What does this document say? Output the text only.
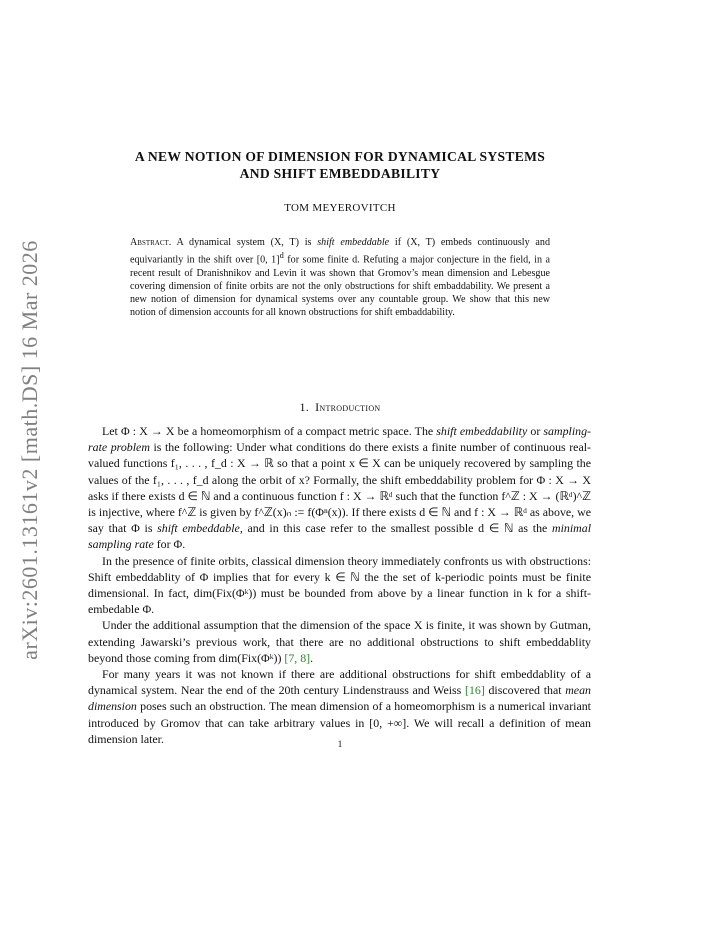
arXiv:2601.13161v2 [math.DS] 16 Mar 2026
A NEW NOTION OF DIMENSION FOR DYNAMICAL SYSTEMS
AND SHIFT EMBEDDABILITY
TOM MEYEROVITCH
Abstract. A dynamical system (X, T) is shift embeddable if (X, T) embeds continuously and equivariantly in the shift over [0, 1]$^d$ for some finite d. Refuting a major conjecture in the field, in a recent result of Dranishnikov and Levin it was shown that Gromov’s mean dimension and Lebesgue covering dimension of finite orbits are not the only obstructions for shift embaddability. We present a new notion of dimension for dynamical systems over any countable group. We show that this new notion of dimension accounts for all known obstructions for shift embaddability.
1. Introduction

Let Φ : X → X be a homeomorphism of a compact metric space. The shift embeddability or sampling-rate problem is the following: Under what conditions do there exists a finite number of continuous real-valued functions f₁, . . . , f_d : X → ℝ so that a point x ∈ X can be uniquely recovered by sampling the values of the f₁, . . . , f_d along the orbit of x? Formally, the shift embeddability problem for Φ : X → X asks if there exists d ∈ ℕ and a continuous function f : X → ℝᵈ such that the function f^ℤ : X → (ℝᵈ)^ℤ is injective, where f^ℤ is given by f^ℤ(x)ₙ := f(Φⁿ(x)). If there exists d ∈ ℕ and f : X → ℝᵈ as above, we say that Φ is shift embeddable, and in this case refer to the smallest possible d ∈ ℕ as the minimal sampling rate for Φ.

In the presence of finite orbits, classical dimension theory immediately confronts us with obstructions: Shift embeddablity of Φ implies that for every k ∈ ℕ the the set of k-periodic points must be finite dimensional. In fact, dim(Fix(Φᵏ)) must be bounded from above by a linear function in k for a shift-embedable Φ.

Under the additional assumption that the dimension of the space X is finite, it was shown by Gutman, extending Jawarski’s previous work, that there are no additional obstructions to shift embeddablity beyond those coming from dim(Fix(Φᵏ)) [7, 8].

For many years it was not known if there are additional obstructions for shift embeddablity of a dynamical system. Near the end of the 20th century Lindenstrauss and Weiss [16] discovered that mean dimension poses such an obstruction. The mean dimension of a homeomorphism is a numerical invariant introduced by Gromov that can take arbitrary values in [0, +∞]. We will recall a definition of mean dimension later.	1
